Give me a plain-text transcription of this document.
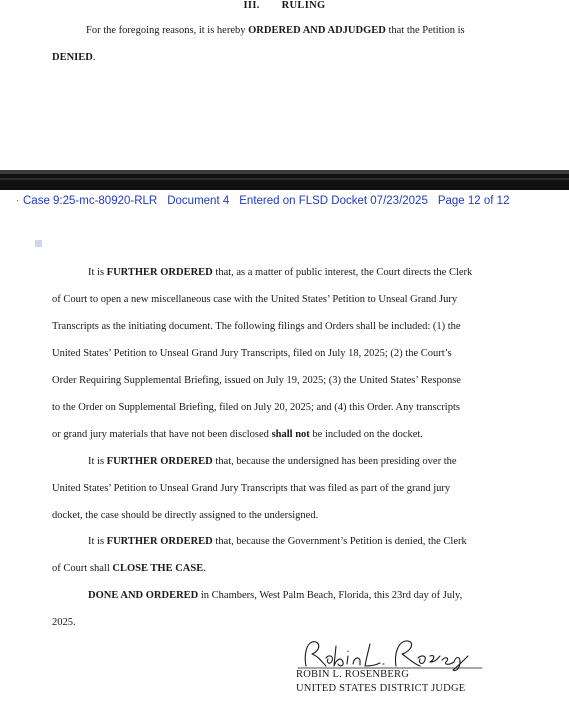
III. RULING
For the foregoing reasons, it is hereby ORDERED AND ADJUDGED that the Petition is
DENIED.
· Case 9:25-mc-80920-RLR Document 4 Entered on FLSD Docket 07/23/2025 Page 12 of 12
It is FURTHER ORDERED that, as a matter of public interest, the Court directs the Clerk
of Court to open a new miscellaneous case with the United States’ Petition to Unseal Grand Jury
Transcripts as the initiating document. The following filings and Orders shall be included: (1) the
United States’ Petition to Unseal Grand Jury Transcripts, filed on July 18, 2025; (2) the Court’s
Order Requiring Supplemental Briefing, issued on July 19, 2025; (3) the United States’ Response
to the Order on Supplemental Briefing, filed on July 20, 2025; and (4) this Order. Any transcripts
or grand jury materials that have not been disclosed shall not be included on the docket.
It is FURTHER ORDERED that, because the undersigned has been presiding over the
United States’ Petition to Unseal Grand Jury Transcripts that was filed as part of the grand jury
docket, the case should be directly assigned to the undersigned.
It is FURTHER ORDERED that, because the Government’s Petition is denied, the Clerk
of Court shall CLOSE THE CASE.
DONE AND ORDERED in Chambers, West Palm Beach, Florida, this 23rd day of July,
2025.
ROBIN L. ROSENBERG
UNITED STATES DISTRICT JUDGE
